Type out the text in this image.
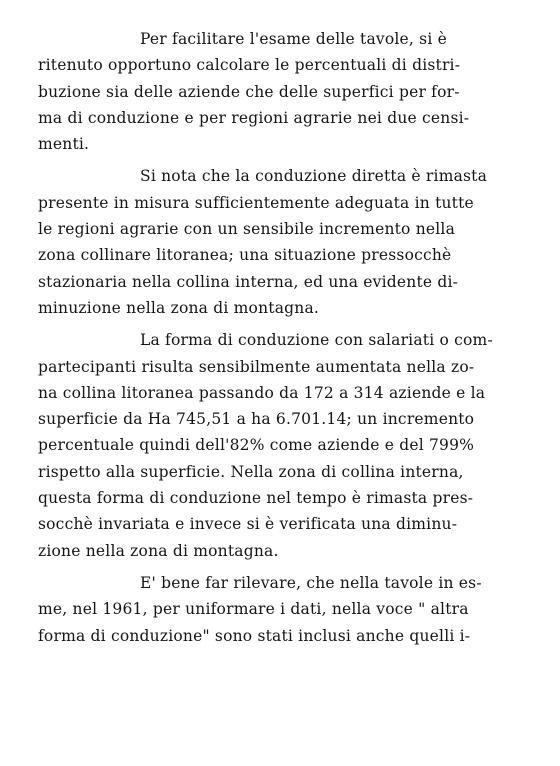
Per facilitare l'esame delle tavole, si è
ritenuto opportuno calcolare le percentuali di distri-
buzione sia delle aziende che delle superfici per for-
ma di conduzione e per regioni agrarie nei due censi-
menti.
Si nota che la conduzione diretta è rimasta
presente in misura sufficientemente adeguata in tutte
le regioni agrarie con un sensibile incremento nella
zona collinare litoranea; una situazione pressocchè
stazionaria nella collina interna, ed una evidente di-
minuzione nella zona di montagna.
La forma di conduzione con salariati o com-
partecipanti risulta sensibilmente aumentata nella zo-
na collina litoranea passando da 172 a 314 aziende e la
superficie da Ha 745,51 a ha 6.701.14; un incremento
percentuale quindi dell'82% come aziende e del 799%
rispetto alla superficie. Nella zona di collina interna,
questa forma di conduzione nel tempo è rimasta pres-
socchè invariata e invece si è verificata una diminu-
zione nella zona di montagna.
E' bene far rilevare, che nella tavole in es-
me, nel 1961, per uniformare i dati, nella voce " altra
forma di conduzione" sono stati inclusi anche quelli i-
